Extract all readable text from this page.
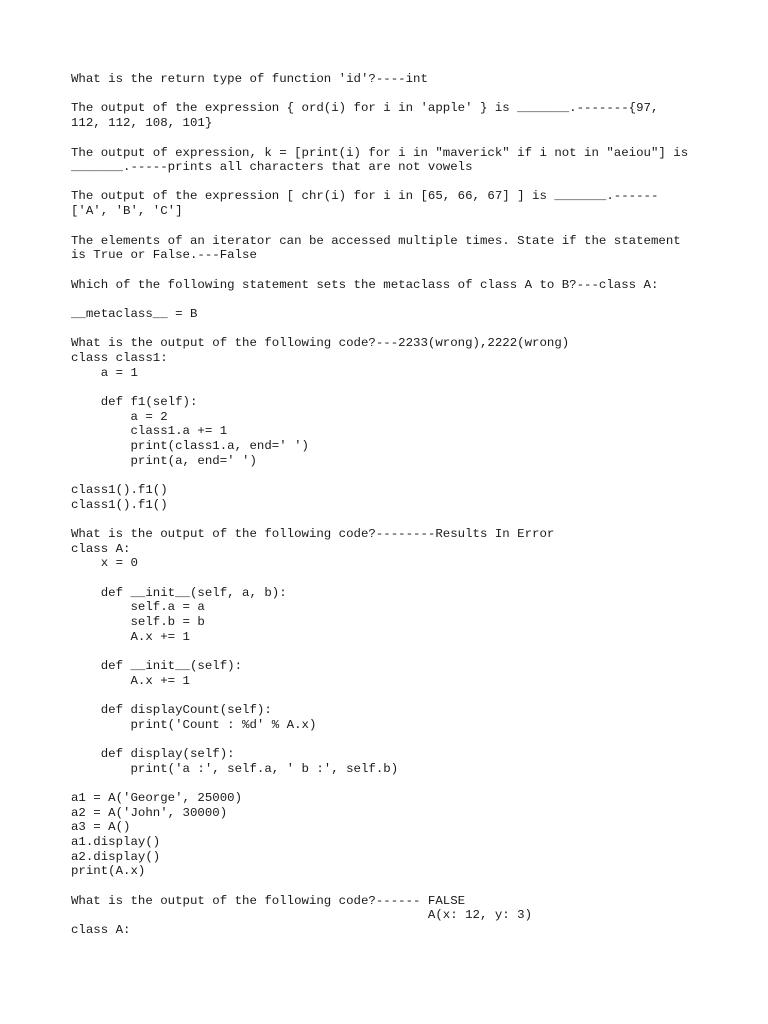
What is the return type of function 'id'?----int
The output of the expression { ord(i) for i in 'apple' } is _______.-------{97,
112, 112, 108, 101}
The output of expression, k = [print(i) for i in "maverick" if i not in "aeiou"] is
_______.-----prints all characters that are not vowels
The output of the expression [ chr(i) for i in [65, 66, 67] ] is _______.------
['A', 'B', 'C']
The elements of an iterator can be accessed multiple times. State if the statement
is True or False.---False
Which of the following statement sets the metaclass of class A to B?---class A:
__metaclass__ = B
What is the output of the following code?---2233(wrong),2222(wrong)
class class1:
a = 1
def f1(self):
a = 2
class1.a += 1
print(class1.a, end=' ')
print(a, end=' ')
class1().f1()
class1().f1()
What is the output of the following code?--------Results In Error
class A:
x = 0
def __init__(self, a, b):
self.a = a
self.b = b
A.x += 1
def __init__(self):
A.x += 1
def displayCount(self):
print('Count : %d' % A.x)
def display(self):
print('a :', self.a, ' b :', self.b)
a1 = A('George', 25000)
a2 = A('John', 30000)
a3 = A()
a1.display()
a2.display()
print(A.x)
What is the output of the following code?------ FALSE
A(x: 12, y: 3)
class A:
